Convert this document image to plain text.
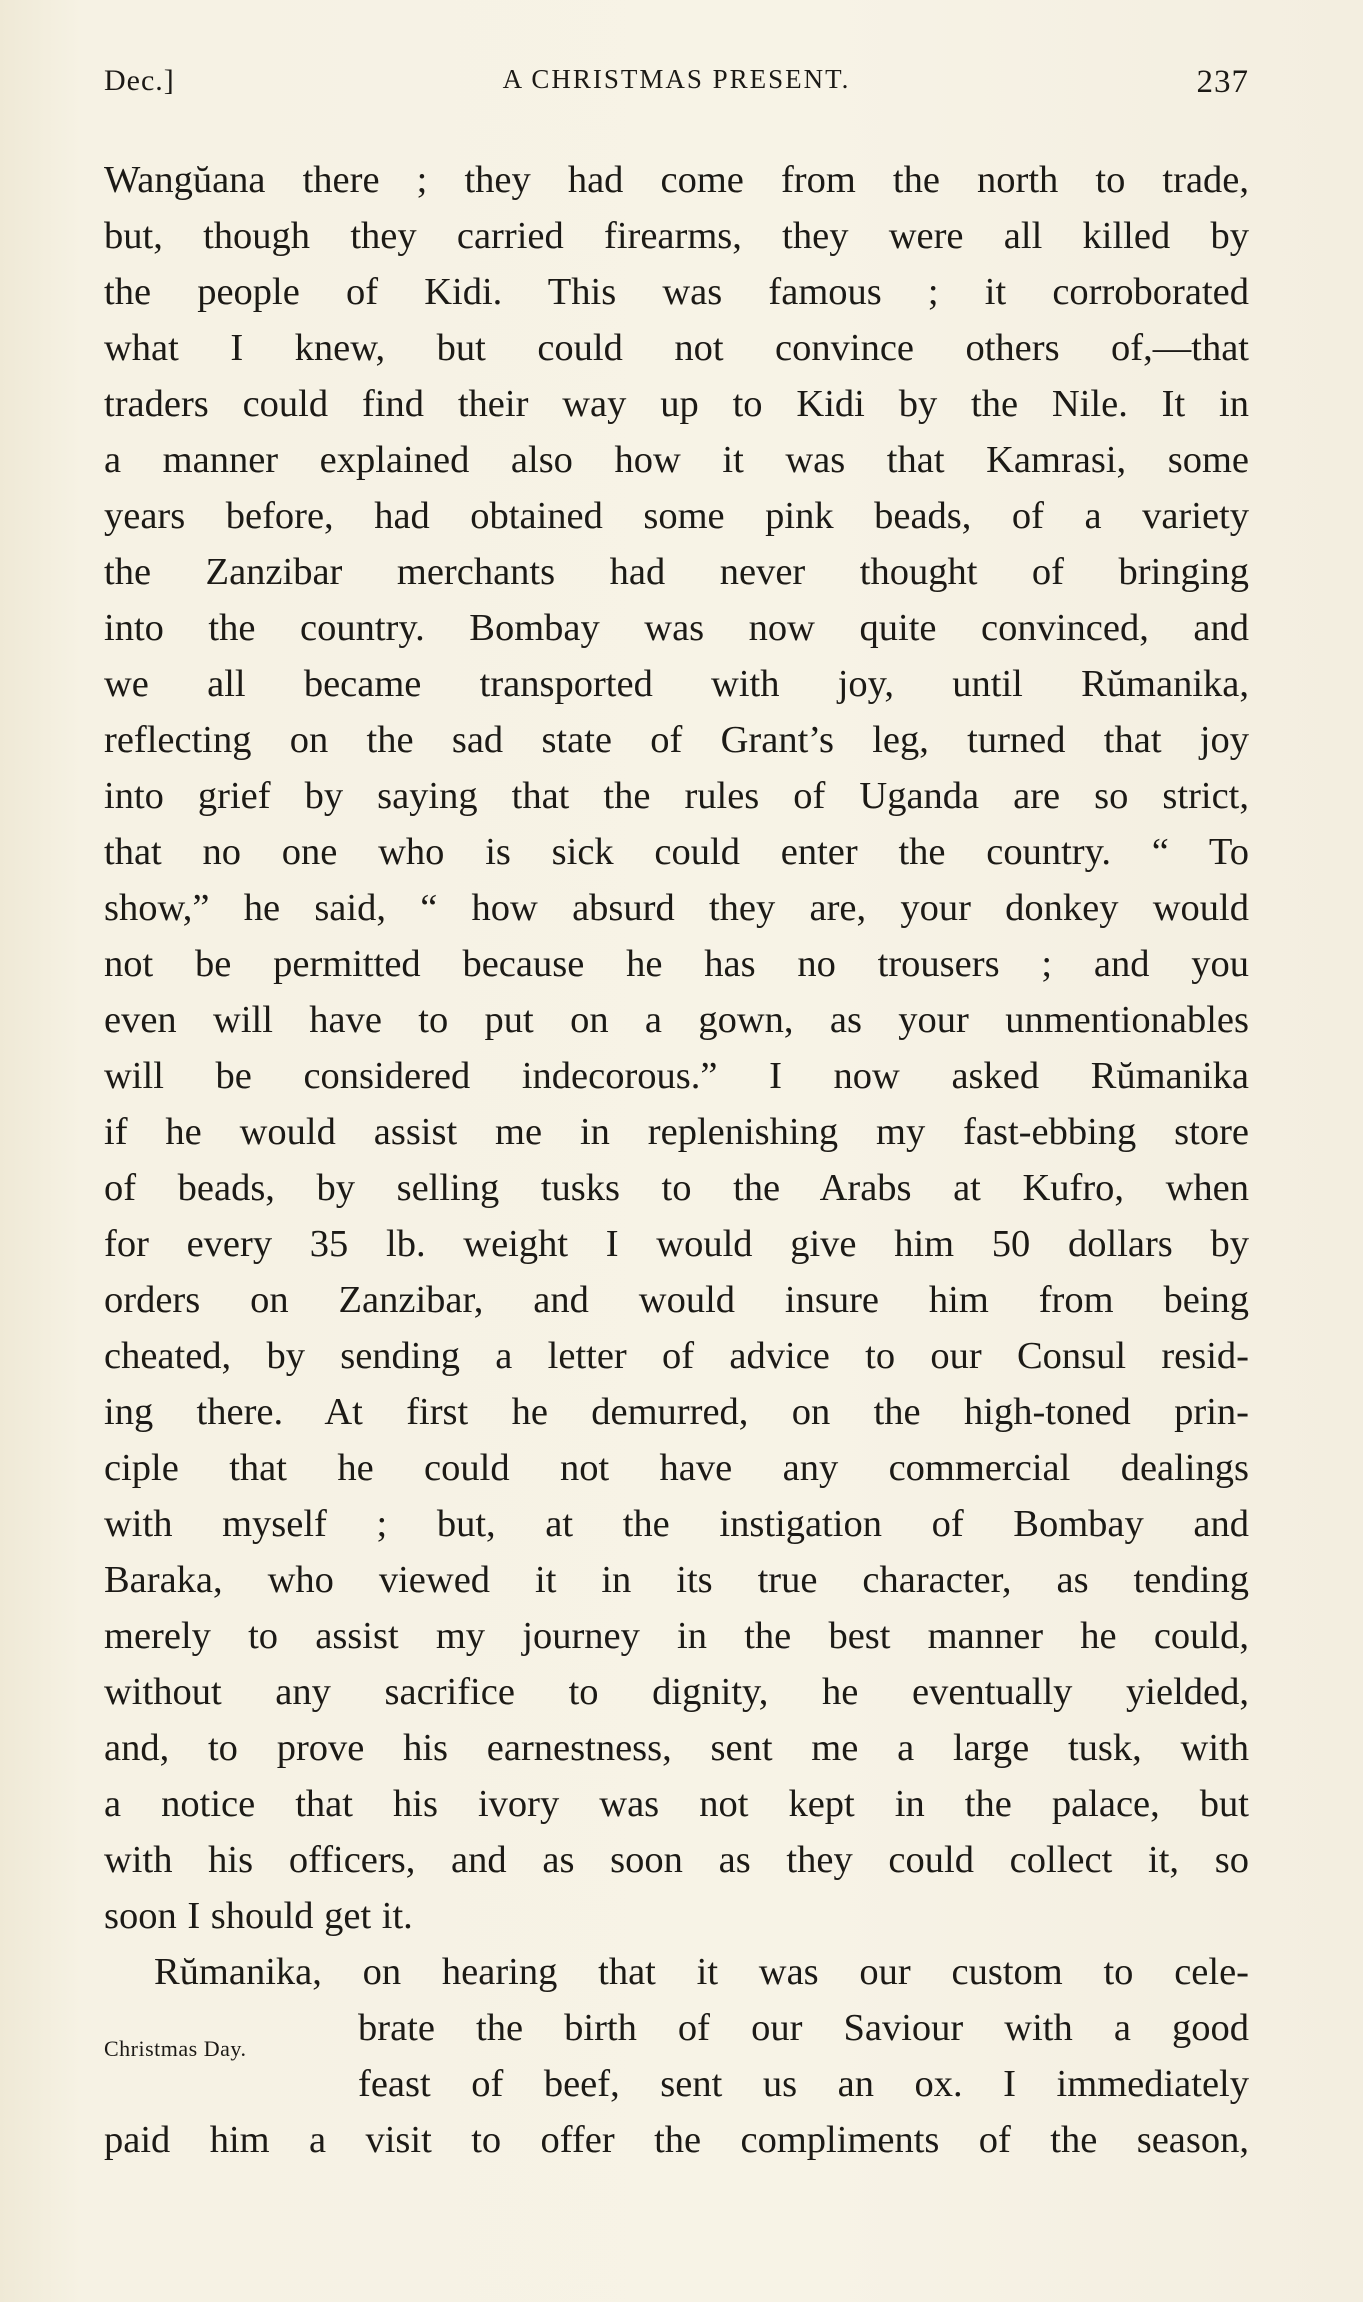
Dec.]	A CHRISTMAS PRESENT.	237
Wangŭana there ; they had come from the north to trade,
but, though they carried firearms, they were all killed by
the people of Kidi. This was famous ; it corroborated
what I knew, but could not convince others of,—that
traders could find their way up to Kidi by the Nile. It in
a manner explained also how it was that Kamrasi, some
years before, had obtained some pink beads, of a variety
the Zanzibar merchants had never thought of bringing
into the country. Bombay was now quite convinced, and
we all became transported with joy, until Rŭmanika,
reflecting on the sad state of Grant’s leg, turned that joy
into grief by saying that the rules of Uganda are so strict,
that no one who is sick could enter the country. “ To
show,” he said, “ how absurd they are, your donkey would
not be permitted because he has no trousers ; and you
even will have to put on a gown, as your unmentionables
will be considered indecorous.” I now asked Rŭmanika
if he would assist me in replenishing my fast-ebbing store
of beads, by selling tusks to the Arabs at Kufro, when
for every 35 lb. weight I would give him 50 dollars by
orders on Zanzibar, and would insure him from being
cheated, by sending a letter of advice to our Consul resid-
ing there. At first he demurred, on the high-toned prin-
ciple that he could not have any commercial dealings
with myself ; but, at the instigation of Bombay and
Baraka, who viewed it in its true character, as tending
merely to assist my journey in the best manner he could,
without any sacrifice to dignity, he eventually yielded,
and, to prove his earnestness, sent me a large tusk, with
a notice that his ivory was not kept in the palace, but
with his officers, and as soon as they could collect it, so
soon I should get it.
Rŭmanika, on hearing that it was our custom to cele-
brate the birth of our Saviour with a good
feast of beef, sent us an ox. I immediately
paid him a visit to offer the compliments of the season,
Christmas Day.
